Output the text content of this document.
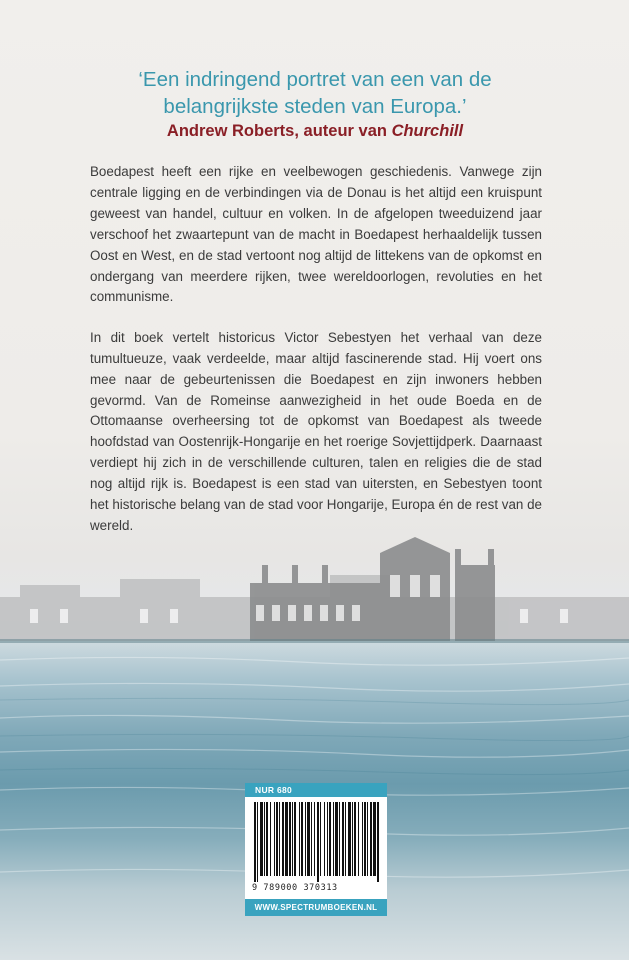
‘Een indringend portret van een van de
belangrijkste steden van Europa.’
Andrew Roberts, auteur van Churchill

Boedapest heeft een rijke en veelbewogen geschiedenis. Vanwege zijn centrale ligging en de verbindingen via de Donau is het altijd een kruispunt geweest van handel, cultuur en volken. In de afgelopen tweeduizend jaar verschoof het zwaartepunt van de macht in Boedapest herhaaldelijk tussen Oost en West, en de stad vertoont nog altijd de littekens van de opkomst en ondergang van meerdere rijken, twee wereldoorlogen, revoluties en het communisme.

In dit boek vertelt historicus Victor Sebestyen het verhaal van deze tumultueuze, vaak verdeelde, maar altijd fascinerende stad. Hij voert ons mee naar de gebeurtenissen die Boedapest en zijn inwoners hebben gevormd. Van de Romeinse aanwezigheid in het oude Boeda en de Ottomaanse overheersing tot de opkomst van Boedapest als tweede hoofdstad van Oostenrijk-Hongarije en het roerige Sovjettijdperk. Daarnaast verdiept hij zich in de verschillende culturen, talen en religies die de stad nog altijd rijk is. Boedapest is een stad van uitersten, en Sebestyen toont het historische belang van de stad voor Hongarije, Europa én de rest van de wereld.

NUR 680
9 789000 370313
WWW.SPECTRUMBOEKEN.NL
